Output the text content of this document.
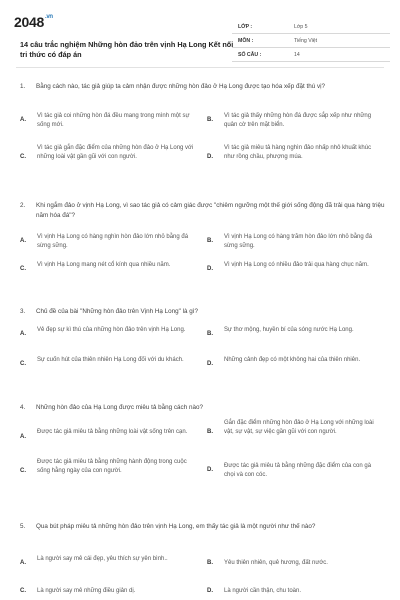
$2048^{.vn}$
14 câu trắc nghiệm Những hòn đảo trên vịnh Hạ Long Kết nối tri thức có đáp án
LỚP :	Lớp 5
MÔN :	Tiếng Việt
SỐ CÂU :	14
1.	Bằng cách nào, tác giả giúp ta cảm nhận được những hòn đảo ở Hạ Long được tạo hóa xếp đặt thú vị?
A.
Vì tác giả coi những hòn đá đều mang trong mình một sự sống mới.
B.
Vì tác giả thấy những hòn đá được sắp xếp như những quân cờ trên mặt biển.
C.
Vì tác giả gắn đặc điểm của những hòn đảo ở Hạ Long với những loài vật gần gũi với con người.	D.
Vì tác giả miêu tả hàng nghìn đảo nhấp nhô khuất khúc như rồng chầu, phượng múa.
2.	Khi ngắm đảo ở vịnh Hạ Long, vì sao tác giả có cảm giác được "chiêm ngưỡng một thế giới sống động đã trải qua hàng triệu năm hóa đá"?
A.
Vì vịnh Hạ Long có hàng nghìn hòn đảo lớn nhỏ bằng đá sừng sững.
B.
Vì vịnh Hạ Long có hàng trăm hòn đảo lớn nhỏ bằng đá sừng sững.
C.
Vì vịnh Hạ Long mang nét cổ kính qua nhiều năm.
D.
Vì vịnh Hạ Long có nhiều đảo trải qua hàng chục năm.
3.	Chủ đề của bài "Những hòn đảo trên Vịnh Hạ Long" là gì?
A.
Vẻ đẹp sự kì thú của những hòn đảo trên vịnh Hạ Long.
B.
Sự thơ mộng, huyền bí của sóng nước Hạ Long.
C.
Sự cuốn hút của thiên nhiên Hạ Long đối với du khách.
D.
Những cảnh đẹp có một không hai của thiên nhiên.
4.	Những hòn đảo của Hạ Long được miêu tả bằng cách nào?
A.
Được tác giả miêu tả bằng những loài vật sống trên cạn.	B.
Gắn đặc điểm những hòn đảo ở Hạ Long với những loài vật, sự vật, sự việc gần gũi với con người.
C.
Được tác giả miêu tả bằng những hành động trong cuộc sống hằng ngày của con người.	D.
Được tác giả miêu tả bằng những đặc điểm của con gà chọi và con cóc.
5.	Qua bút pháp miêu tả những hòn đảo trên vịnh Hạ Long, em thấy tác giả là một người như thế nào?
A.
Là người say mê cái đẹp, yêu thích sự yên bình..
B.	Yêu thiên nhiên, quê hương, đất nước.
C.	Là người say mê những điều giản dị.	D.	Là người cần thận, chu toàn.
